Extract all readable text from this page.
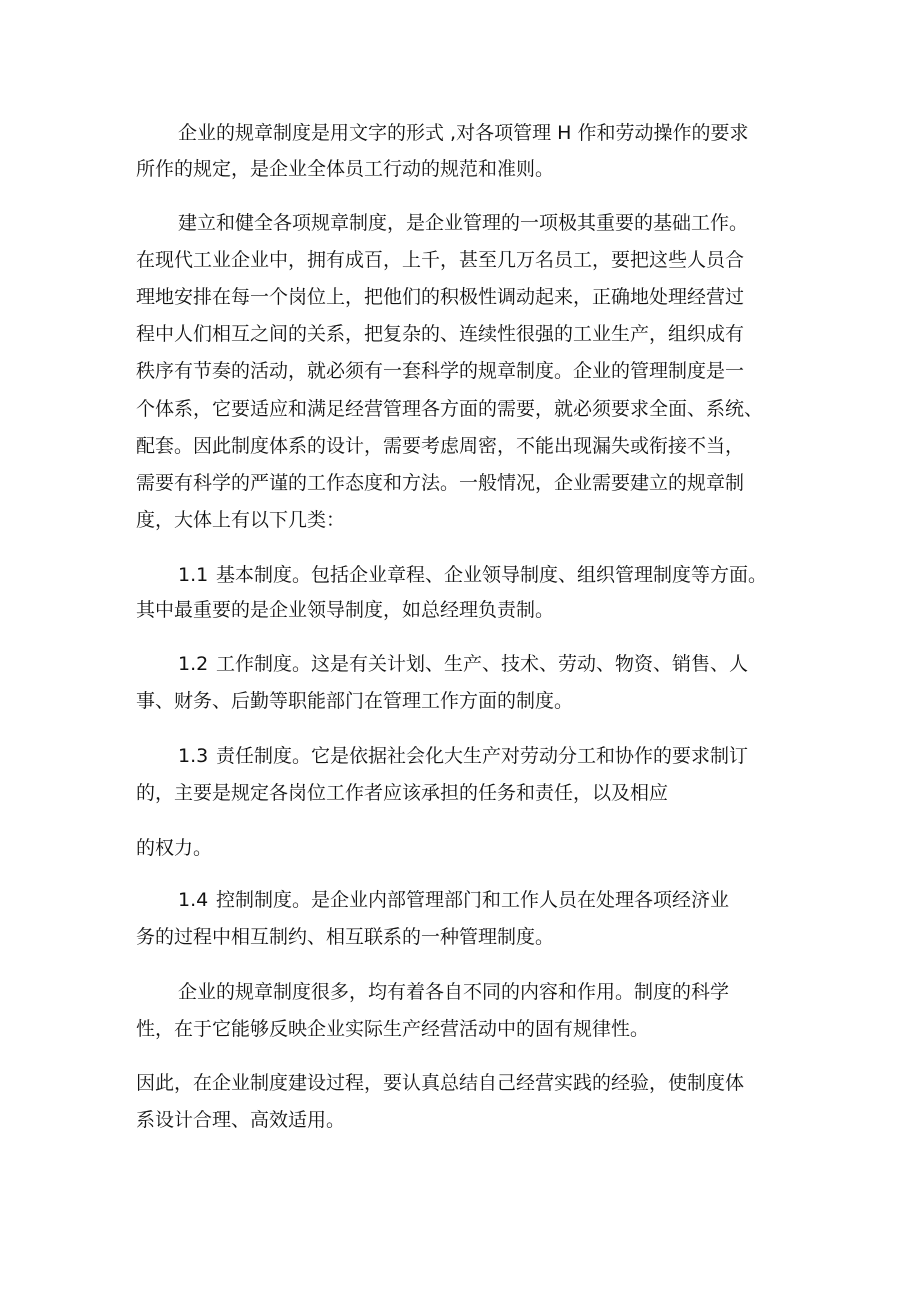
企业的规章制度是用文字的形式 ,对各项管理 H 作和劳动操作的要求
所作的规定，是企业全体员工行动的规范和准则。
建立和健全各项规章制度，是企业管理的一项极其重要的基础工作。
在现代工业企业中，拥有成百，上千，甚至几万名员工，要把这些人员合
理地安排在每一个岗位上，把他们的积极性调动起来，正确地处理经营过
程中人们相互之间的关系，把复杂的、连续性很强的工业生产，组织成有
秩序有节奏的活动，就必须有一套科学的规章制度。企业的管理制度是一
个体系，它要适应和满足经营管理各方面的需要，就必须要求全面、系统、
配套。因此制度体系的设计，需要考虑周密，不能出现漏失或衔接不当，
需要有科学的严谨的工作态度和方法。一般情况，企业需要建立的规章制
度，大体上有以下几类：
1.1 基本制度。包括企业章程、企业领导制度、组织管理制度等方面。
其中最重要的是企业领导制度，如总经理负责制。
1.2 工作制度。这是有关计划、生产、技术、劳动、物资、销售、人
事、财务、后勤等职能部门在管理工作方面的制度。
1.3 责任制度。它是依据社会化大生产对劳动分工和协作的要求制订
的，主要是规定各岗位工作者应该承担的任务和责任，以及相应
的权力。
1.4 控制制度。是企业内部管理部门和工作人员在处理各项经济业
务的过程中相互制约、相互联系的一种管理制度。
企业的规章制度很多，均有着各自不同的内容和作用。制度的科学
性，在于它能够反映企业实际生产经营活动中的固有规律性。
因此，在企业制度建设过程，要认真总结自己经营实践的经验，使制度体
系设计合理、高效适用。
